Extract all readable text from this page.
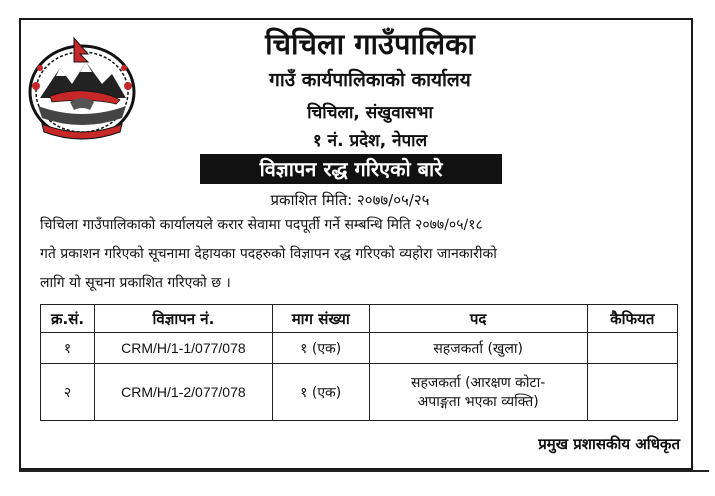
चिचिला गाउँपालिका
गाउँ कार्यपालिकाको कार्यालय
चिचिला, संखुवासभा
१ नं. प्रदेश, नेपाल
विज्ञापन रद्ध गरिएको बारे
प्रकाशित मिति: २०७७/०५/२५
चिचिला गाउँपालिकाको कार्यालयले करार सेवामा पदपूर्ती गर्ने सम्बन्धि मिति २०७७/०५/१८
गते प्रकाशन गरिएको सूचनामा देहायका पदहरुको विज्ञापन रद्ध गरिएको व्यहोरा जानकारीको
लागि यो सूचना प्रकाशित गरिएको छ ।
क्र.सं.	विज्ञापन नं.	माग संख्या	पद	कैफियत
१	CRM/H/1-1/077/078	१ (एक)	सहजकर्ता (खुला)	

२	CRM/H/1-2/077/078	१ (एक)	सहजकर्ता (आरक्षण कोटा-
अपाङ्गता भएका व्यक्ति)	

प्रमुख प्रशासकीय अधिकृत
